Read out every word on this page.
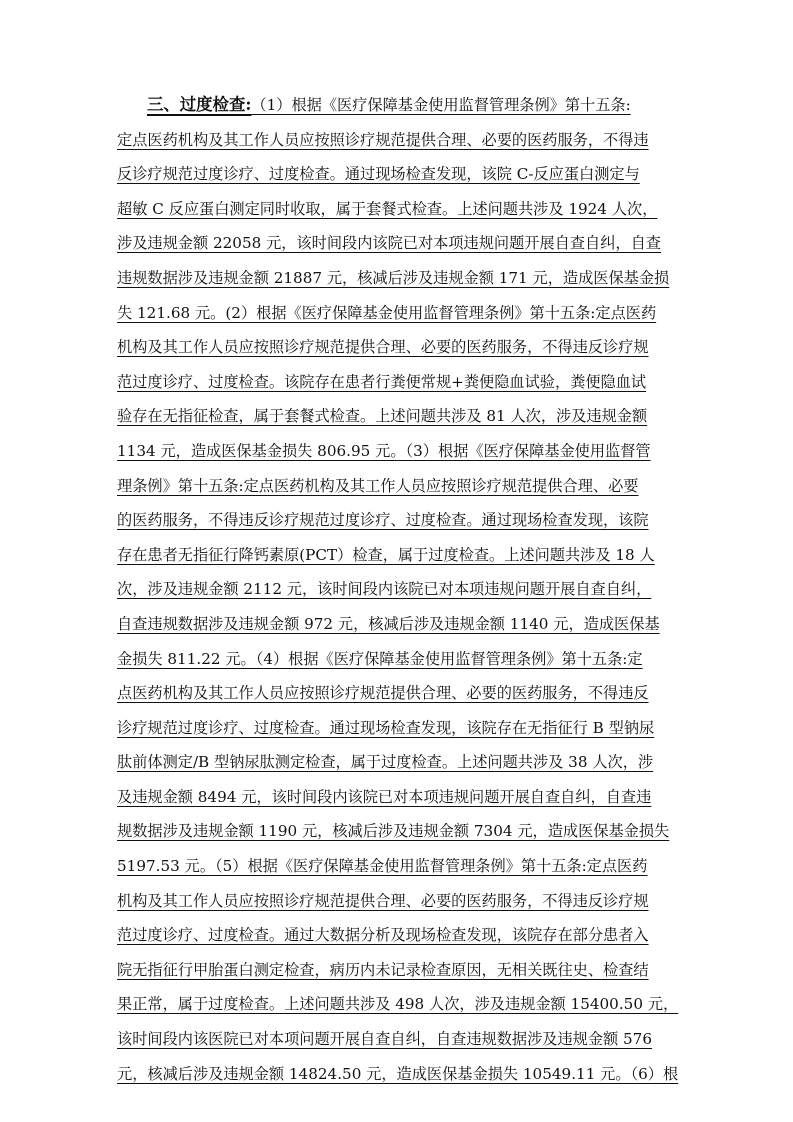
三、过度检查:（1）根据《医疗保障基金使用监督管理条例》第十五条:
定点医药机构及其工作人员应按照诊疗规范提供合理、必要的医药服务，不得违
反诊疗规范过度诊疗、过度检查。通过现场检查发现，该院 C-反应蛋白测定与
超敏 C 反应蛋白测定同时收取，属于套餐式检查。上述问题共涉及 1924 人次，
涉及违规金额 22058 元，该时间段内该院已对本项违规问题开展自查自纠，自查
违规数据涉及违规金额 21887 元，核减后涉及违规金额 171 元，造成医保基金损
失 121.68 元。(2）根据《医疗保障基金使用监督管理条例》第十五条:定点医药
机构及其工作人员应按照诊疗规范提供合理、必要的医药服务，不得违反诊疗规
范过度诊疗、过度检查。该院存在患者行粪便常规+粪便隐血试验，粪便隐血试
验存在无指征检查，属于套餐式检查。上述问题共涉及 81 人次，涉及违规金额
1134 元，造成医保基金损失 806.95 元。（3）根据《医疗保障基金使用监督管
理条例》第十五条:定点医药机构及其工作人员应按照诊疗规范提供合理、必要
的医药服务，不得违反诊疗规范过度诊疗、过度检查。通过现场检查发现，该院
存在患者无指征行降钙素原(PCT）检查，属于过度检查。上述问题共涉及 18 人
次，涉及违规金额 2112 元，该时间段内该院已对本项违规问题开展自查自纠，
自查违规数据涉及违规金额 972 元，核减后涉及违规金额 1140 元，造成医保基
金损失 811.22 元。（4）根据《医疗保障基金使用监督管理条例》第十五条:定
点医药机构及其工作人员应按照诊疗规范提供合理、必要的医药服务，不得违反
诊疗规范过度诊疗、过度检查。通过现场检查发现，该院存在无指征行 B 型钠尿
肽前体测定/B 型钠尿肽测定检查，属于过度检查。上述问题共涉及 38 人次，涉
及违规金额 8494 元，该时间段内该院已对本项违规问题开展自查自纠，自查违
规数据涉及违规金额 1190 元，核减后涉及违规金额 7304 元，造成医保基金损失
5197.53 元。（5）根据《医疗保障基金使用监督管理条例》第十五条:定点医药
机构及其工作人员应按照诊疗规范提供合理、必要的医药服务，不得违反诊疗规
范过度诊疗、过度检查。通过大数据分析及现场检查发现，该院存在部分患者入
院无指征行甲胎蛋白测定检查，病历内未记录检查原因，无相关既往史、检查结
果正常，属于过度检查。上述问题共涉及 498 人次，涉及违规金额 15400.50 元，
该时间段内该医院已对本项问题开展自查自纠，自查违规数据涉及违规金额 576
元，核减后涉及违规金额 14824.50 元，造成医保基金损失 10549.11 元。（6）根
